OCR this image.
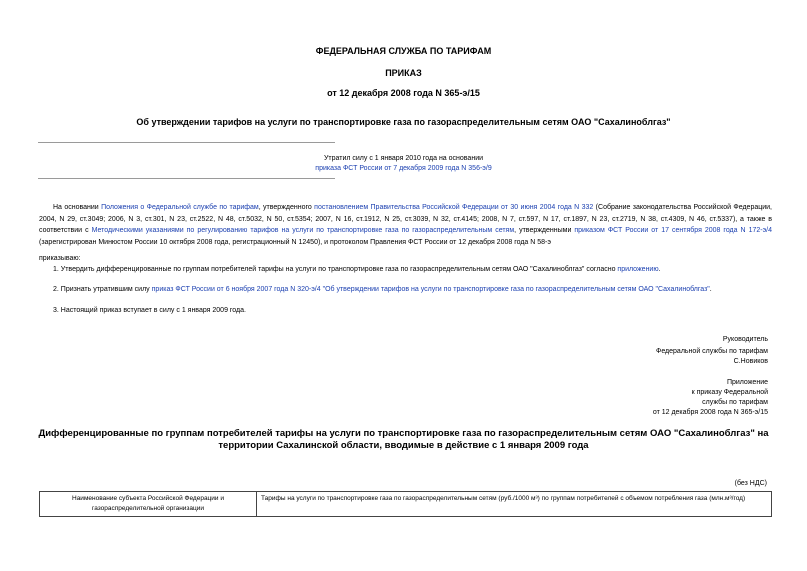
ФЕДЕРАЛЬНАЯ СЛУЖБА ПО ТАРИФАМ
ПРИКАЗ
от 12 декабря 2008 года N 365-э/15
Об утверждении тарифов на услуги по транспортировке газа по газораспределительным сетям ОАО "Сахалиноблгаз"
Утратил силу с 1 января 2010 года на основании
приказа ФСТ России от 7 декабря 2009 года N 356-э/9
На основании Положения о Федеральной службе по тарифам, утвержденного постановлением Правительства Российской Федерации от 30 июня 2004 года N 332 (Собрание законодательства Российской Федерации, 2004, N 29, ст.3049; 2006, N 3, ст.301, N 23, ст.2522, N 48, ст.5032, N 50, ст.5354; 2007, N 16, ст.1912, N 25, ст.3039, N 32, ст.4145; 2008, N 7, ст.597, N 17, ст.1897, N 23, ст.2719, N 38, ст.4309, N 46, ст.5337), а также в соответствии с Методическими указаниями по регулированию тарифов на услуги по транспортировке газа по газораспределительным сетям, утвержденными приказом ФСТ России от 17 сентября 2008 года N 172-э/4 (зарегистрирован Минюстом России 10 октября 2008 года, регистрационный N 12450), и протоколом Правления ФСТ России от 12 декабря 2008 года N 58-э
приказываю:
1. Утвердить дифференцированные по группам потребителей тарифы на услуги по транспортировке газа по газораспределительным сетям ОАО "Сахалиноблгаз" согласно приложению.
2. Признать утратившим силу приказ ФСТ России от 6 ноября 2007 года N 320-э/4 "Об утверждении тарифов на услуги по транспортировке газа по газораспределительным сетям ОАО "Сахалиноблгаз".
3. Настоящий приказ вступает в силу с 1 января 2009 года.
Руководитель
Федеральной службы по тарифам
С.Новиков
Приложение
к приказу Федеральной
службы по тарифам
от 12 декабря 2008 года N 365-э/15
Дифференцированные по группам потребителей тарифы на услуги по транспортировке газа по газораспределительным сетям ОАО "Сахалиноблгаз" на
территории Сахалинской области, вводимые в действие с 1 января 2009 года
(без НДС)
Наименование субъекта Российской Федерации и газораспределительной организации	Тарифы на услуги по транспортировке газа по газораспределительным сетям (руб./1000 м³) по группам потребителей с объемом потребления газа (млн.м³/год)
